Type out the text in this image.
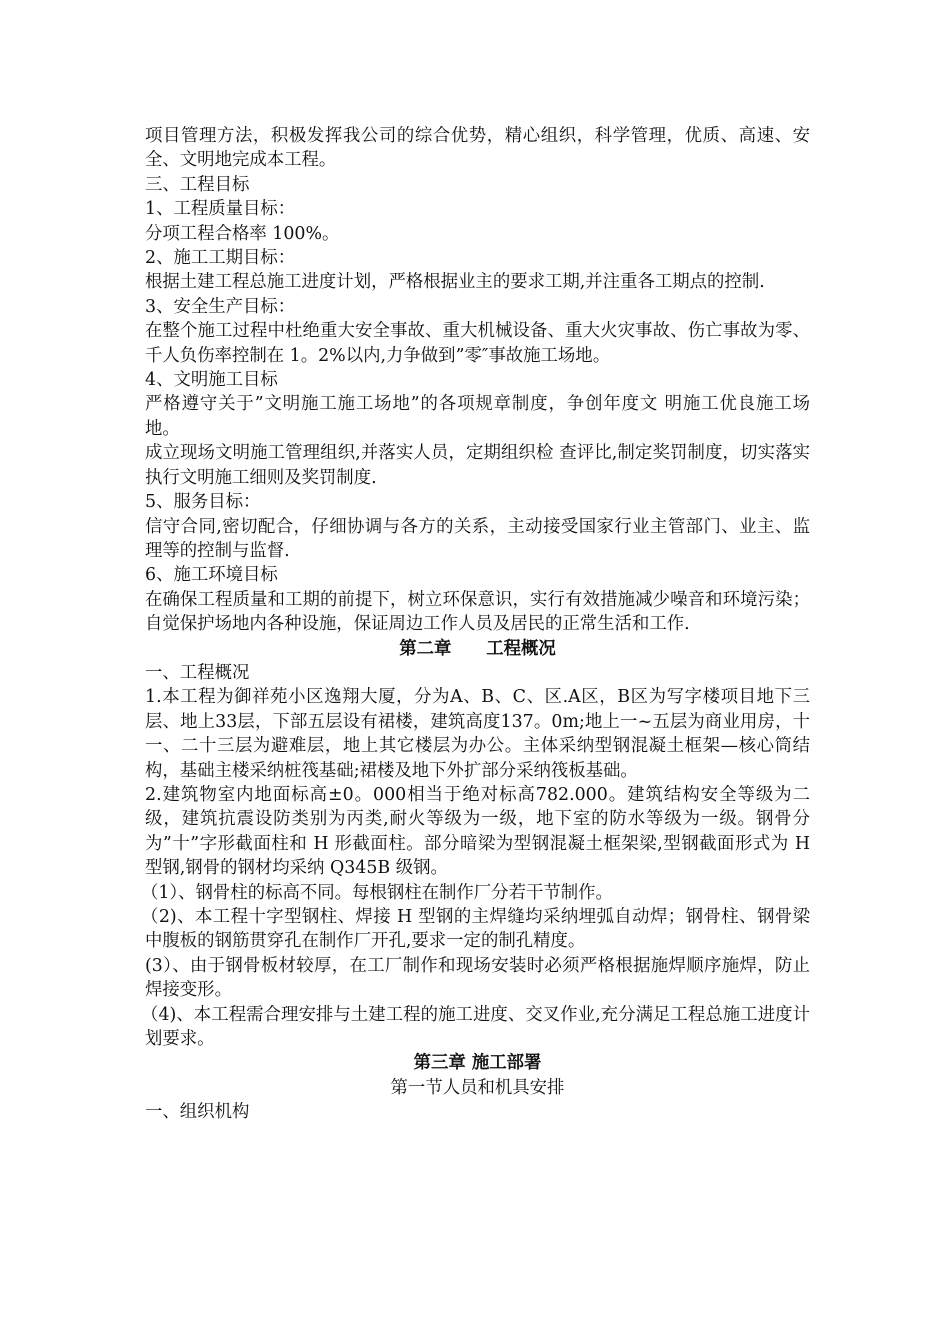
项目管理方法，积极发挥我公司的综合优势，精心组织，科学管理，优质、高速、安全、文明地完成本工程。

三、工程目标

1、工程质量目标：

分项工程合格率 100%。

2、施工工期目标：

根据土建工程总施工进度计划，严格根据业主的要求工期,并注重各工期点的控制.

3、安全生产目标：

在整个施工过程中杜绝重大安全事故、重大机械设备、重大火灾事故、伤亡事故为零、千人负伤率控制在 1。2%以内,力争做到”零″事故施工场地。

4、文明施工目标

严格遵守关于”文明施工施工场地”的各项规章制度，争创年度文 明施工优良施工场地。

成立现场文明施工管理组织,并落实人员，定期组织检 查评比,制定奖罚制度，切实落实执行文明施工细则及奖罚制度.

5、服务目标：

信守合同,密切配合，仔细协调与各方的关系，主动接受国家行业主管部门、业主、监理等的控制与监督.

6、施工环境目标

在确保工程质量和工期的前提下，树立环保意识，实行有效措施减少噪音和环境污染；自觉保护场地内各种设施，保证周边工作人员及居民的正常生活和工作.

第二章　　工程概况

一、工程概况

1.本工程为御祥苑小区逸翔大厦，分为A、B、C、区.A区，B区为写字楼项目地下三层、地上33层，下部五层设有裙楼，建筑高度137。0m;地上一~五层为商业用房，十一、二十三层为避难层，地上其它楼层为办公。主体采纳型钢混凝土框架—核心筒结构，基础主楼采纳桩筏基础;裙楼及地下外扩部分采纳筏板基础。

2.建筑物室内地面标高±0。000相当于绝对标高782.000。建筑结构安全等级为二级，建筑抗震设防类别为丙类,耐火等级为一级，地下室的防水等级为一级。钢骨分为”十”字形截面柱和 H 形截面柱。部分暗梁为型钢混凝土框架梁,型钢截面形式为 H 型钢,钢骨的钢材均采纳 Q345B 级钢。

（1）、钢骨柱的标高不同。每根钢柱在制作厂分若干节制作。

（2)、本工程十字型钢柱、焊接 H 型钢的主焊缝均采纳埋弧自动焊；钢骨柱、钢骨梁中腹板的钢筋贯穿孔在制作厂开孔,要求一定的制孔精度。

(3）、由于钢骨板材较厚，在工厂制作和现场安装时必须严格根据施焊顺序施焊，防止焊接变形。

（4)、本工程需合理安排与土建工程的施工进度、交叉作业,充分满足工程总施工进度计划要求。

第三章 施工部署

第一节人员和机具安排

一、组织机构
